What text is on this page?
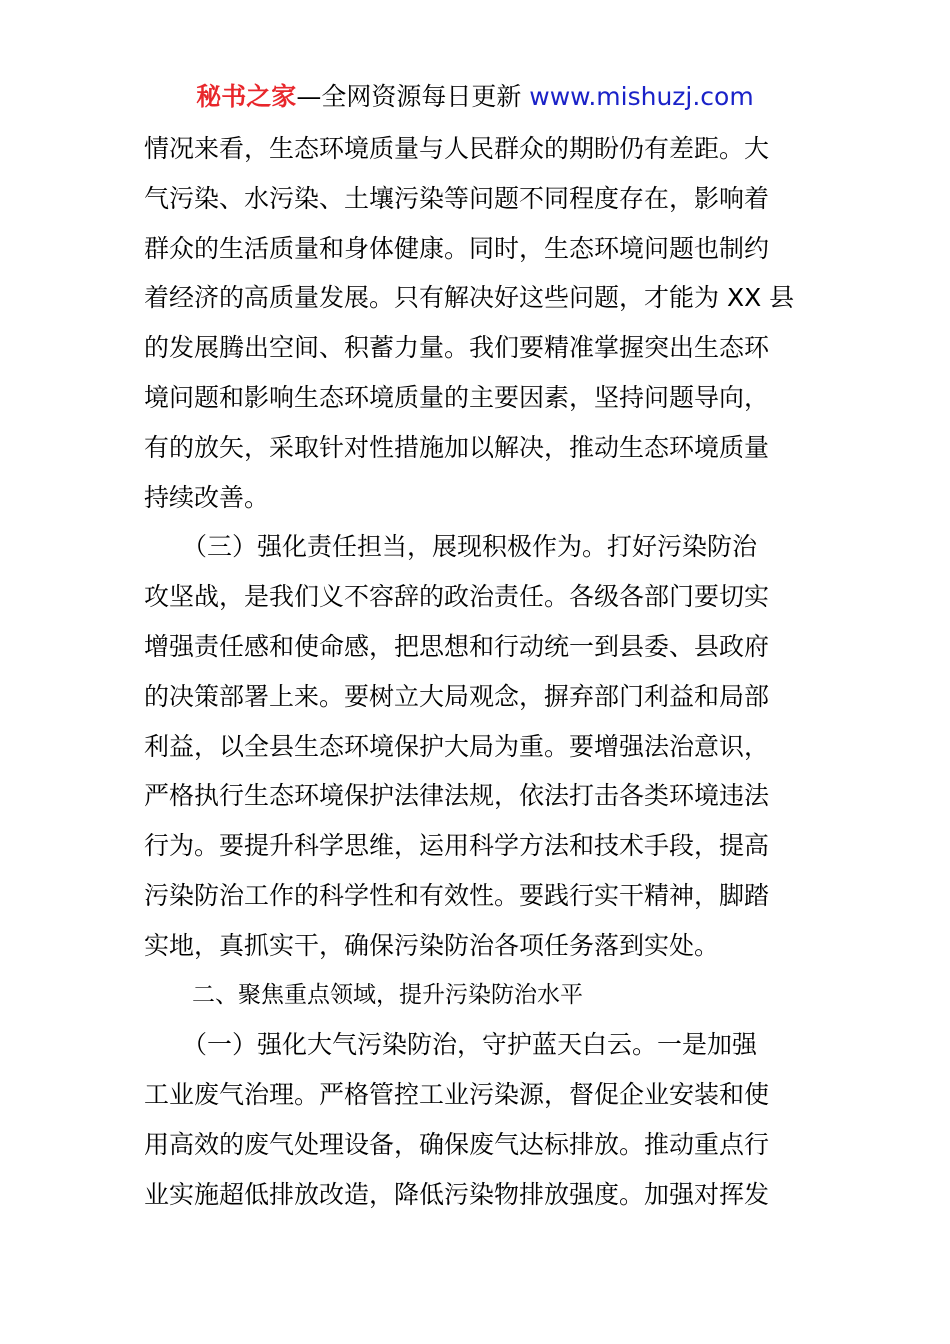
秘书之家—全网资源每日更新 www.mishuzj.com
情况来看，生态环境质量与人民群众的期盼仍有差距。大
气污染、水污染、土壤污染等问题不同程度存在，影响着
群众的生活质量和身体健康。同时，生态环境问题也制约
着经济的高质量发展。只有解决好这些问题，才能为 XX 县
的发展腾出空间、积蓄力量。我们要精准掌握突出生态环
境问题和影响生态环境质量的主要因素，坚持问题导向，
有的放矢，采取针对性措施加以解决，推动生态环境质量
持续改善。
（三）强化责任担当，展现积极作为。打好污染防治
攻坚战，是我们义不容辞的政治责任。各级各部门要切实
增强责任感和使命感，把思想和行动统一到县委、县政府
的决策部署上来。要树立大局观念，摒弃部门利益和局部
利益，以全县生态环境保护大局为重。要增强法治意识，
严格执行生态环境保护法律法规，依法打击各类环境违法
行为。要提升科学思维，运用科学方法和技术手段，提高
污染防治工作的科学性和有效性。要践行实干精神，脚踏
实地，真抓实干，确保污染防治各项任务落到实处。
二、聚焦重点领域，提升污染防治水平
（一）强化大气污染防治，守护蓝天白云。一是加强
工业废气治理。严格管控工业污染源，督促企业安装和使
用高效的废气处理设备，确保废气达标排放。推动重点行
业实施超低排放改造，降低污染物排放强度。加强对挥发
